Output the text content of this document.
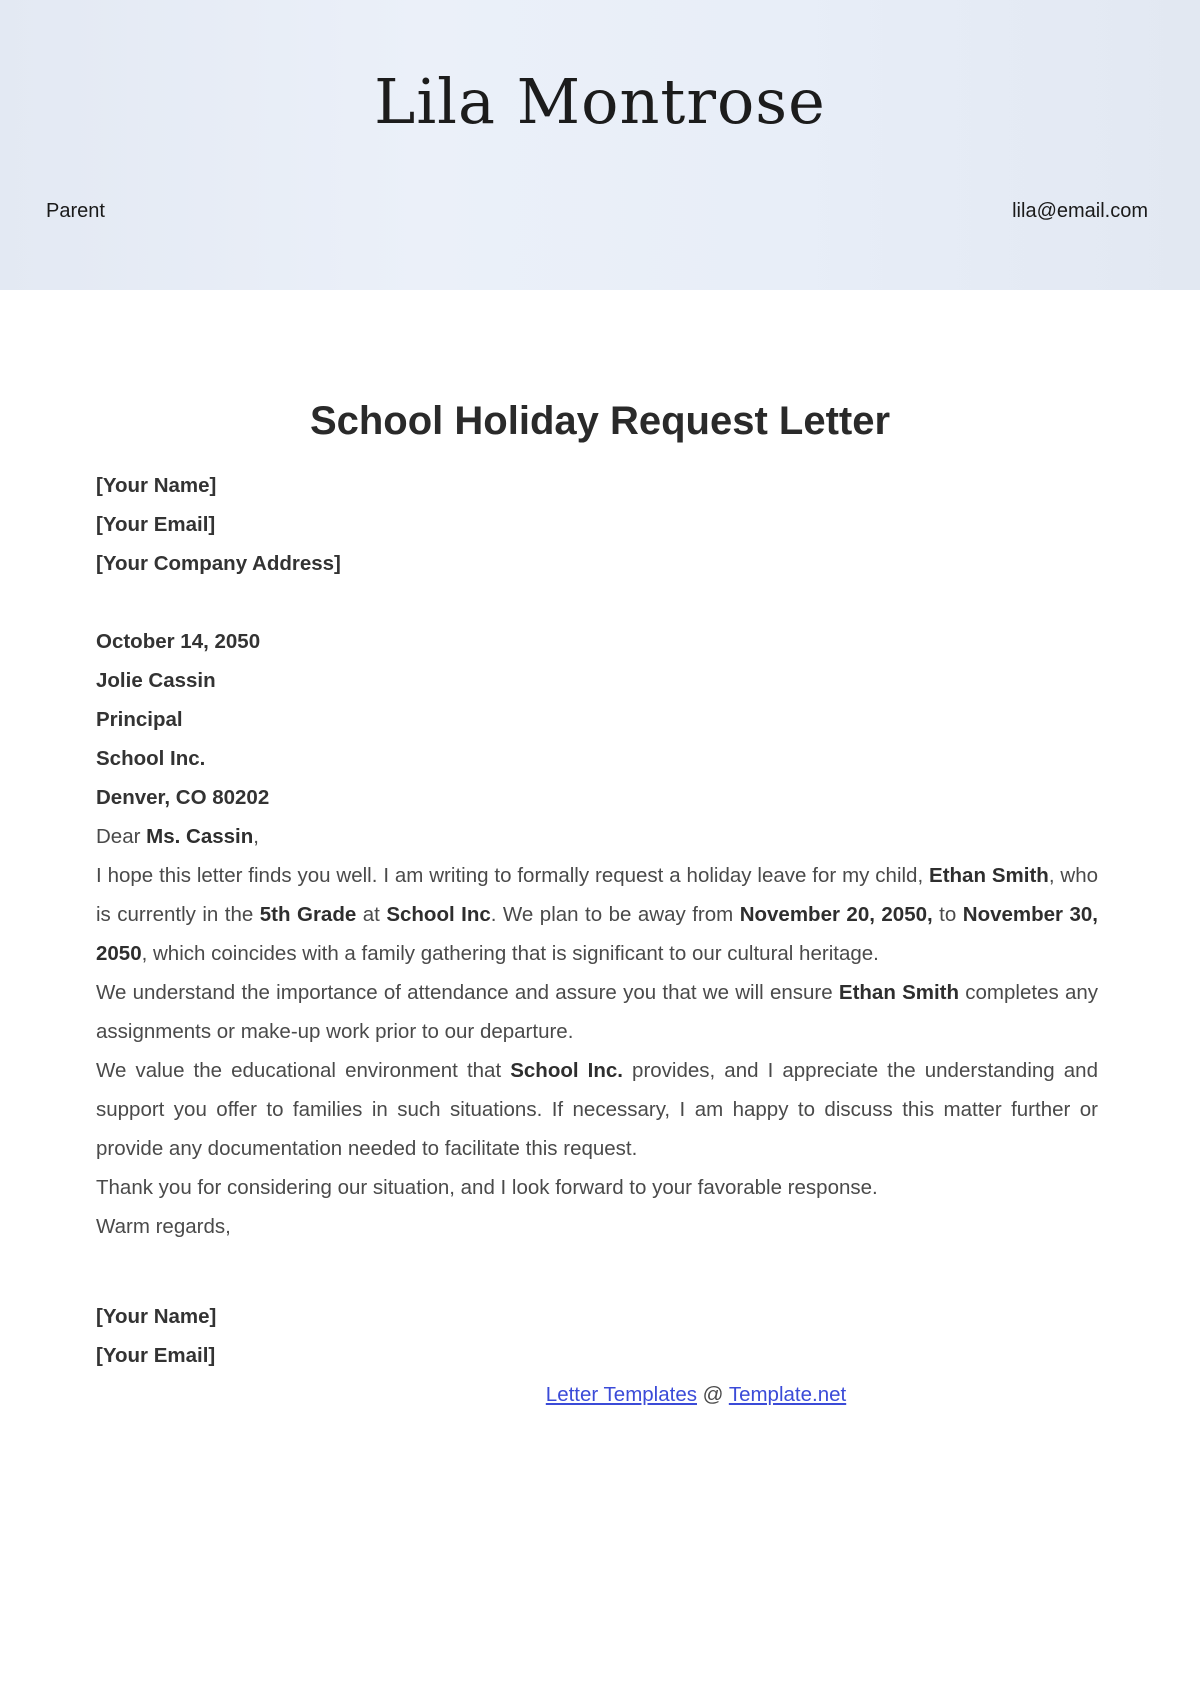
Lila Montrose
Parent	lila@email.com
School Holiday Request Letter

[Your Name]

[Your Email]

[Your Company Address]

October 14, 2050

Jolie Cassin

Principal

School Inc.

Denver, CO 80202

Dear Ms. Cassin,

I hope this letter finds you well. I am writing to formally request a holiday leave for my child, Ethan Smith, who is currently in the 5th Grade at School Inc. We plan to be away from November 20, 2050, to November 30, 2050, which coincides with a family gathering that is significant to our cultural heritage.

We understand the importance of attendance and assure you that we will ensure Ethan Smith completes any assignments or make-up work prior to our departure.

We value the educational environment that School Inc. provides, and I appreciate the understanding and support you offer to families in such situations. If necessary, I am happy to discuss this matter further or provide any documentation needed to facilitate this request.

Thank you for considering our situation, and I look forward to your favorable response.

Warm regards,

[Your Name]

[Your Email]

Letter Templates @ Template.net
